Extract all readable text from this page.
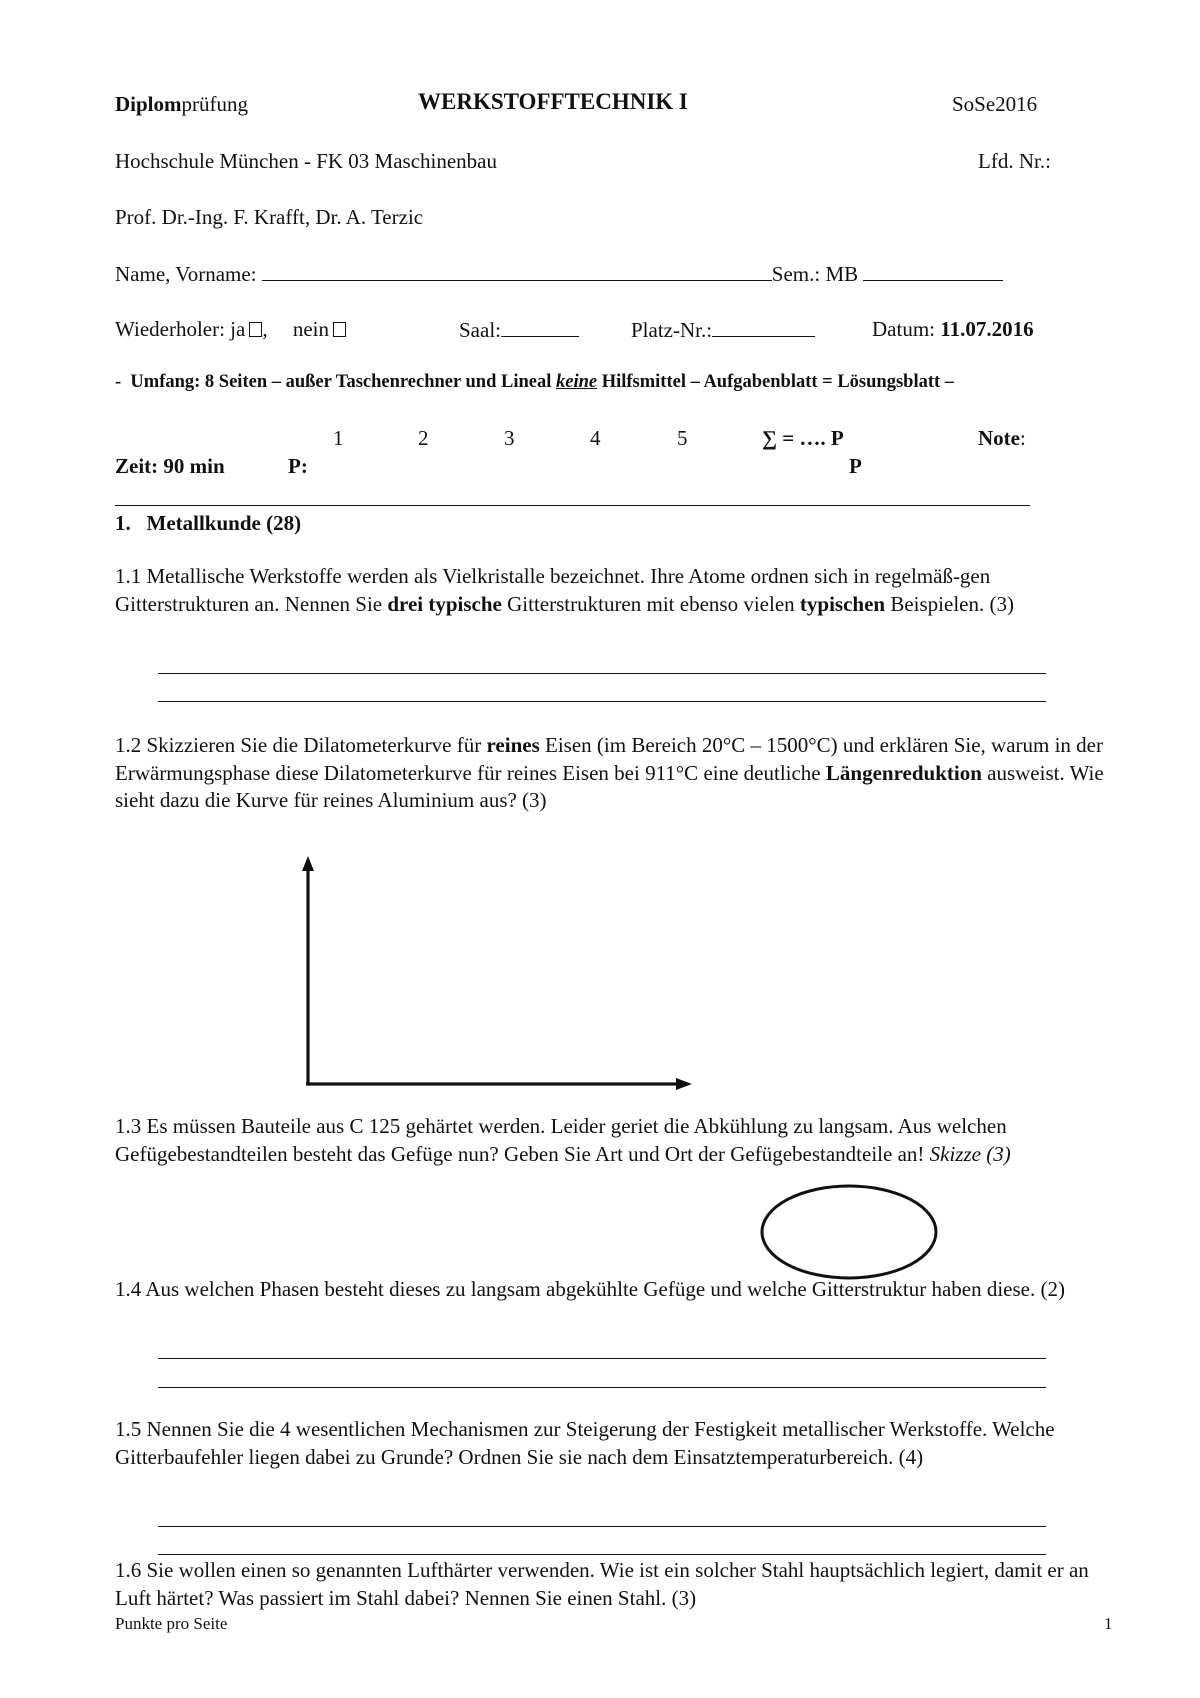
Diplomprüfung	WERKSTOFFTECHNIK I	SoSe2016
Hochschule München - FK 03 Maschinenbau	Lfd. Nr.:
Prof. Dr.-Ing. F. Krafft, Dr. A. Terzic
Name, Vorname:	Sem.: MB
Wiederholer: ja , nein	Saal:	Platz-Nr.:	Datum: 11.07.2016
- Umfang: 8 Seiten – außer Taschenrechner und Lineal keine Hilfsmittel – Aufgabenblatt = Lösungsblatt –
1	2	3	4	5	∑ = …. P	Note:
Zeit: 90 min	P:	P
1. Metallkunde (28)
1.1 Metallische Werkstoffe werden als Vielkristalle bezeichnet. Ihre Atome ordnen sich in regelmäß-gen Gitterstrukturen an. Nennen Sie drei typische Gitterstrukturen mit ebenso vielen typischen Beispielen. (3)
1.2 Skizzieren Sie die Dilatometerkurve für reines Eisen (im Bereich 20°C – 1500°C) und erklären Sie, warum in der Erwärmungsphase diese Dilatometerkurve für reines Eisen bei 911°C eine deutliche Längenreduktion ausweist. Wie sieht dazu die Kurve für reines Aluminium aus? (3)
1.3 Es müssen Bauteile aus C 125 gehärtet werden. Leider geriet die Abkühlung zu langsam. Aus welchen Gefügebestandteilen besteht das Gefüge nun? Geben Sie Art und Ort der Gefügebestandteile an! Skizze (3)
1.4 Aus welchen Phasen besteht dieses zu langsam abgekühlte Gefüge und welche Gitterstruktur haben diese. (2)
1.5 Nennen Sie die 4 wesentlichen Mechanismen zur Steigerung der Festigkeit metallischer Werkstoffe. Welche Gitterbaufehler liegen dabei zu Grunde? Ordnen Sie sie nach dem Einsatztemperaturbereich. (4)
1.6 Sie wollen einen so genannten Lufthärter verwenden. Wie ist ein solcher Stahl hauptsächlich legiert, damit er an Luft härtet? Was passiert im Stahl dabei? Nennen Sie einen Stahl. (3)
Punkte pro Seite	1
